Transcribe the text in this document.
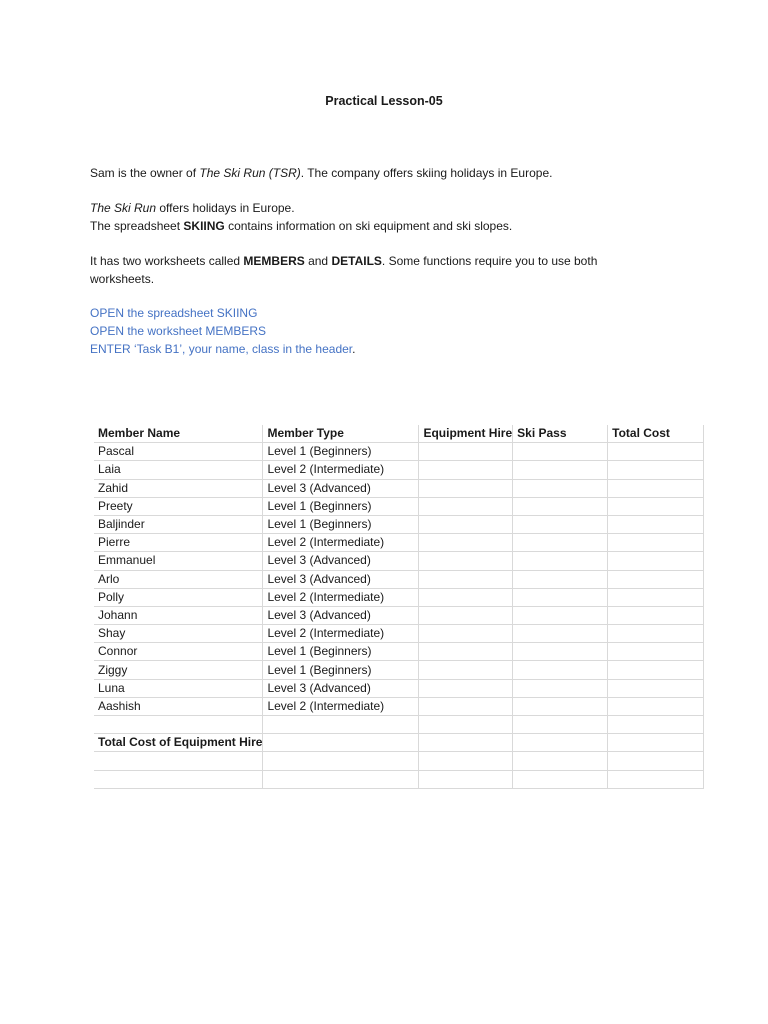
Practical Lesson-05
Sam is the owner of The Ski Run (TSR). The company offers skiing holidays in Europe.
The Ski Run offers holidays in Europe.
The spreadsheet SKIING contains information on ski equipment and ski slopes.
It has two worksheets called MEMBERS and DETAILS. Some functions require you to use both worksheets.
OPEN the spreadsheet SKIING
OPEN the worksheet MEMBERS
ENTER ‘Task B1’, your name, class in the header.
Member Name	Member Type	Equipment Hire	Ski Pass	Total Cost
Pascal	Level 1 (Beginners)			
Laia	Level 2 (Intermediate)			
Zahid	Level 3 (Advanced)			
Preety	Level 1 (Beginners)			
Baljinder	Level 1 (Beginners)			
Pierre	Level 2 (Intermediate)			
Emmanuel	Level 3 (Advanced)			
Arlo	Level 3 (Advanced)			
Polly	Level 2 (Intermediate)			
Johann	Level 3 (Advanced)			
Shay	Level 2 (Intermediate)			
Connor	Level 1 (Beginners)			
Ziggy	Level 1 (Beginners)			
Luna	Level 3 (Advanced)			
Aashish	Level 2 (Intermediate)			

Total Cost of Equipment Hire				
